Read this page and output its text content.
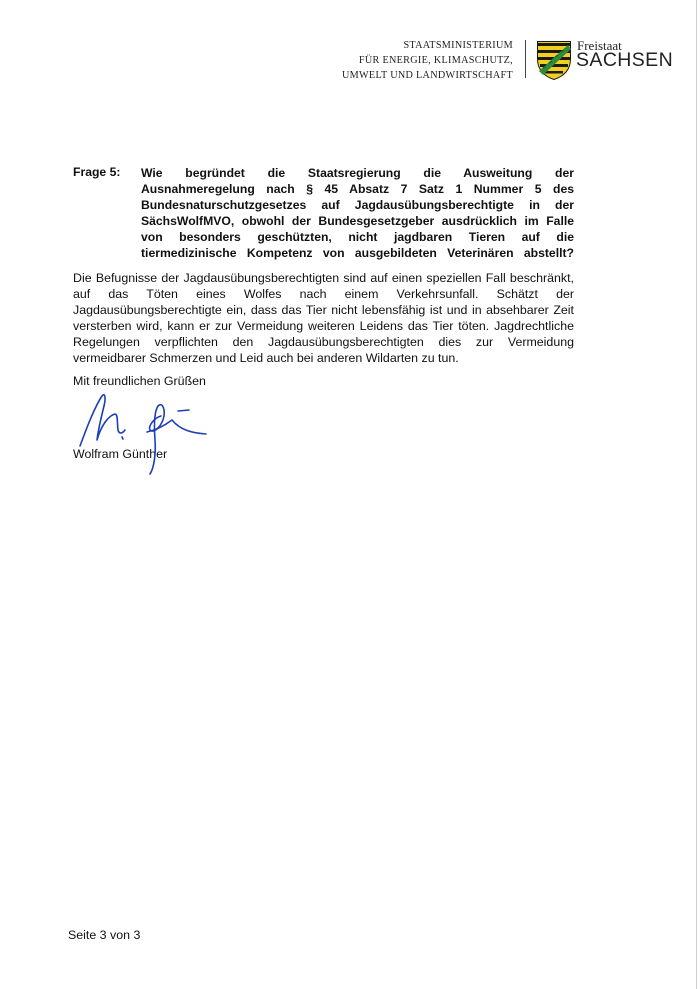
STAATSMINISTERIUM
FÜR ENERGIE, KLIMASCHUTZ,
UMWELT UND LANDWIRTSCHAFT
Freistaat
SACHSEN
Frage 5: Wie begründet die Staatsregierung die Ausweitung der Ausnahmeregelung nach § 45 Absatz 7 Satz 1 Nummer 5 des Bundesnaturschutzgesetzes auf Jagdausübungsberechtigte in der SächsWolfMVO, obwohl der Bundesgesetzgeber ausdrücklich im Falle von besonders geschützten, nicht jagdbaren Tieren auf die tiermedizinische Kompetenz von ausgebildeten Veterinären abstellt?
Die Befugnisse der Jagdausübungsberechtigten sind auf einen speziellen Fall beschränkt, auf das Töten eines Wolfes nach einem Verkehrsunfall. Schätzt der Jagdausübungsberechtigte ein, dass das Tier nicht lebensfähig ist und in absehbarer Zeit versterben wird, kann er zur Vermeidung weiteren Leidens das Tier töten. Jagdrechtliche Regelungen verpflichten den Jagdausübungsberechtigten dies zur Vermeidung vermeidbarer Schmerzen und Leid auch bei anderen Wildarten zu tun.
Mit freundlichen Grüßen
Wolfram Günther
Seite 3 von 3
